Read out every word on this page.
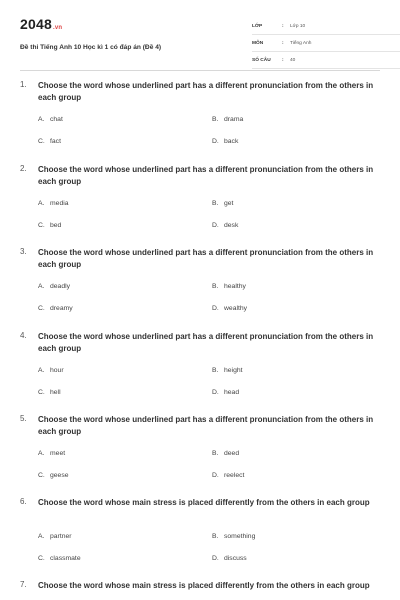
2048.vn
Đề thi Tiếng Anh 10 Học kì 1 có đáp án (Đề 4)
LỚP	: Lớp 10
MÔN	: Tiếng Anh
SỐ CÂU : 40
1. Choose the word whose underlined part has a different pronunciation from the others in each group
A. chat	B. drama
C. fact	D. back
2. Choose the word whose underlined part has a different pronunciation from the others in each group
A. media	B. get
C. bed	D. desk
3. Choose the word whose underlined part has a different pronunciation from the others in each group
A. deadly	B. healthy
C. dreamy	D. wealthy
4. Choose the word whose underlined part has a different pronunciation from the others in each group
A. hour	B. height
C. hell	D. head
5. Choose the word whose underlined part has a different pronunciation from the others in each group
A. meet	B. deed
C. geese	D. reelect
6. Choose the word whose main stress is placed differently from the others in each group
A. partner	B. something
C. classmate	D. discuss
7. Choose the word whose main stress is placed differently from the others in each group
